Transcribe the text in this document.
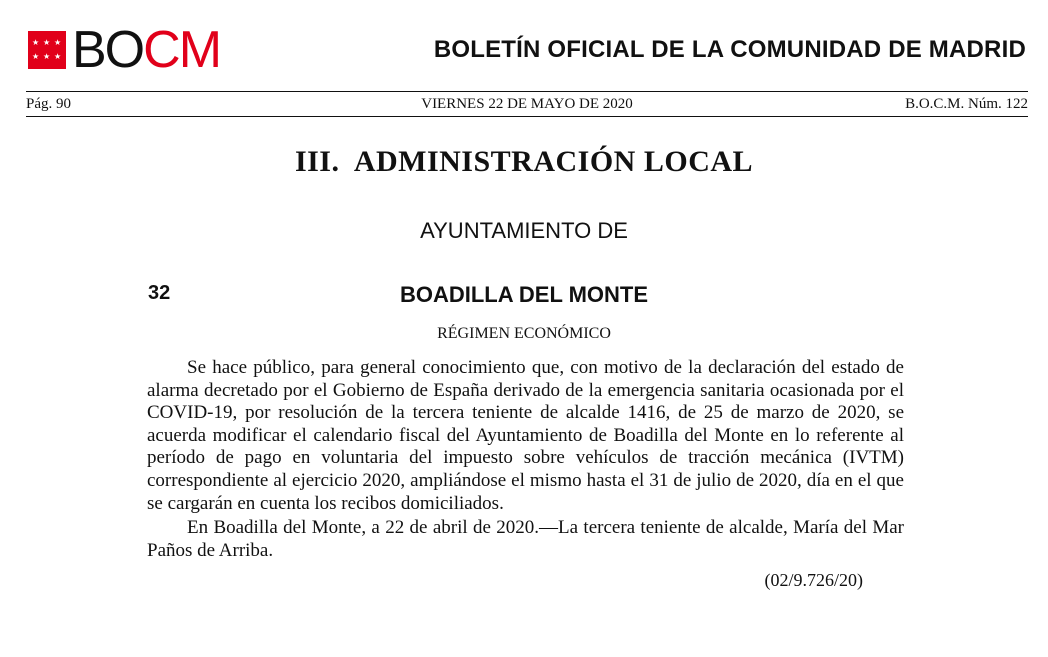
★ ★ ★
★ ★ ★ BOCM	BOLETÍN OFICIAL DE LA COMUNIDAD DE MADRID
VIERNES 22 DE MAYO DE 2020
Pág. 90	B.O.C.M. Núm. 122
III.  ADMINISTRACIÓN LOCAL
AYUNTAMIENTO DE
32	BOADILLA DEL MONTE
RÉGIMEN ECONÓMICO

Se hace público, para general conocimiento que, con motivo de la declaración del estado de alarma decretado por el Gobierno de España derivado de la emergencia sanitaria ocasionada por el COVID-19, por resolución de la tercera teniente de alcalde 1416, de 25 de marzo de 2020, se acuerda modificar el calendario fiscal del Ayuntamiento de Boadilla del Monte en lo referente al período de pago en voluntaria del impuesto sobre vehículos de tracción mecánica (IVTM) correspondiente al ejercicio 2020, ampliándose el mismo hasta el 31 de julio de 2020, día en el que se cargarán en cuenta los recibos domiciliados.

En Boadilla del Monte, a 22 de abril de 2020.—La tercera teniente de alcalde, María del Mar Paños de Arriba.

(02/9.726/20)
